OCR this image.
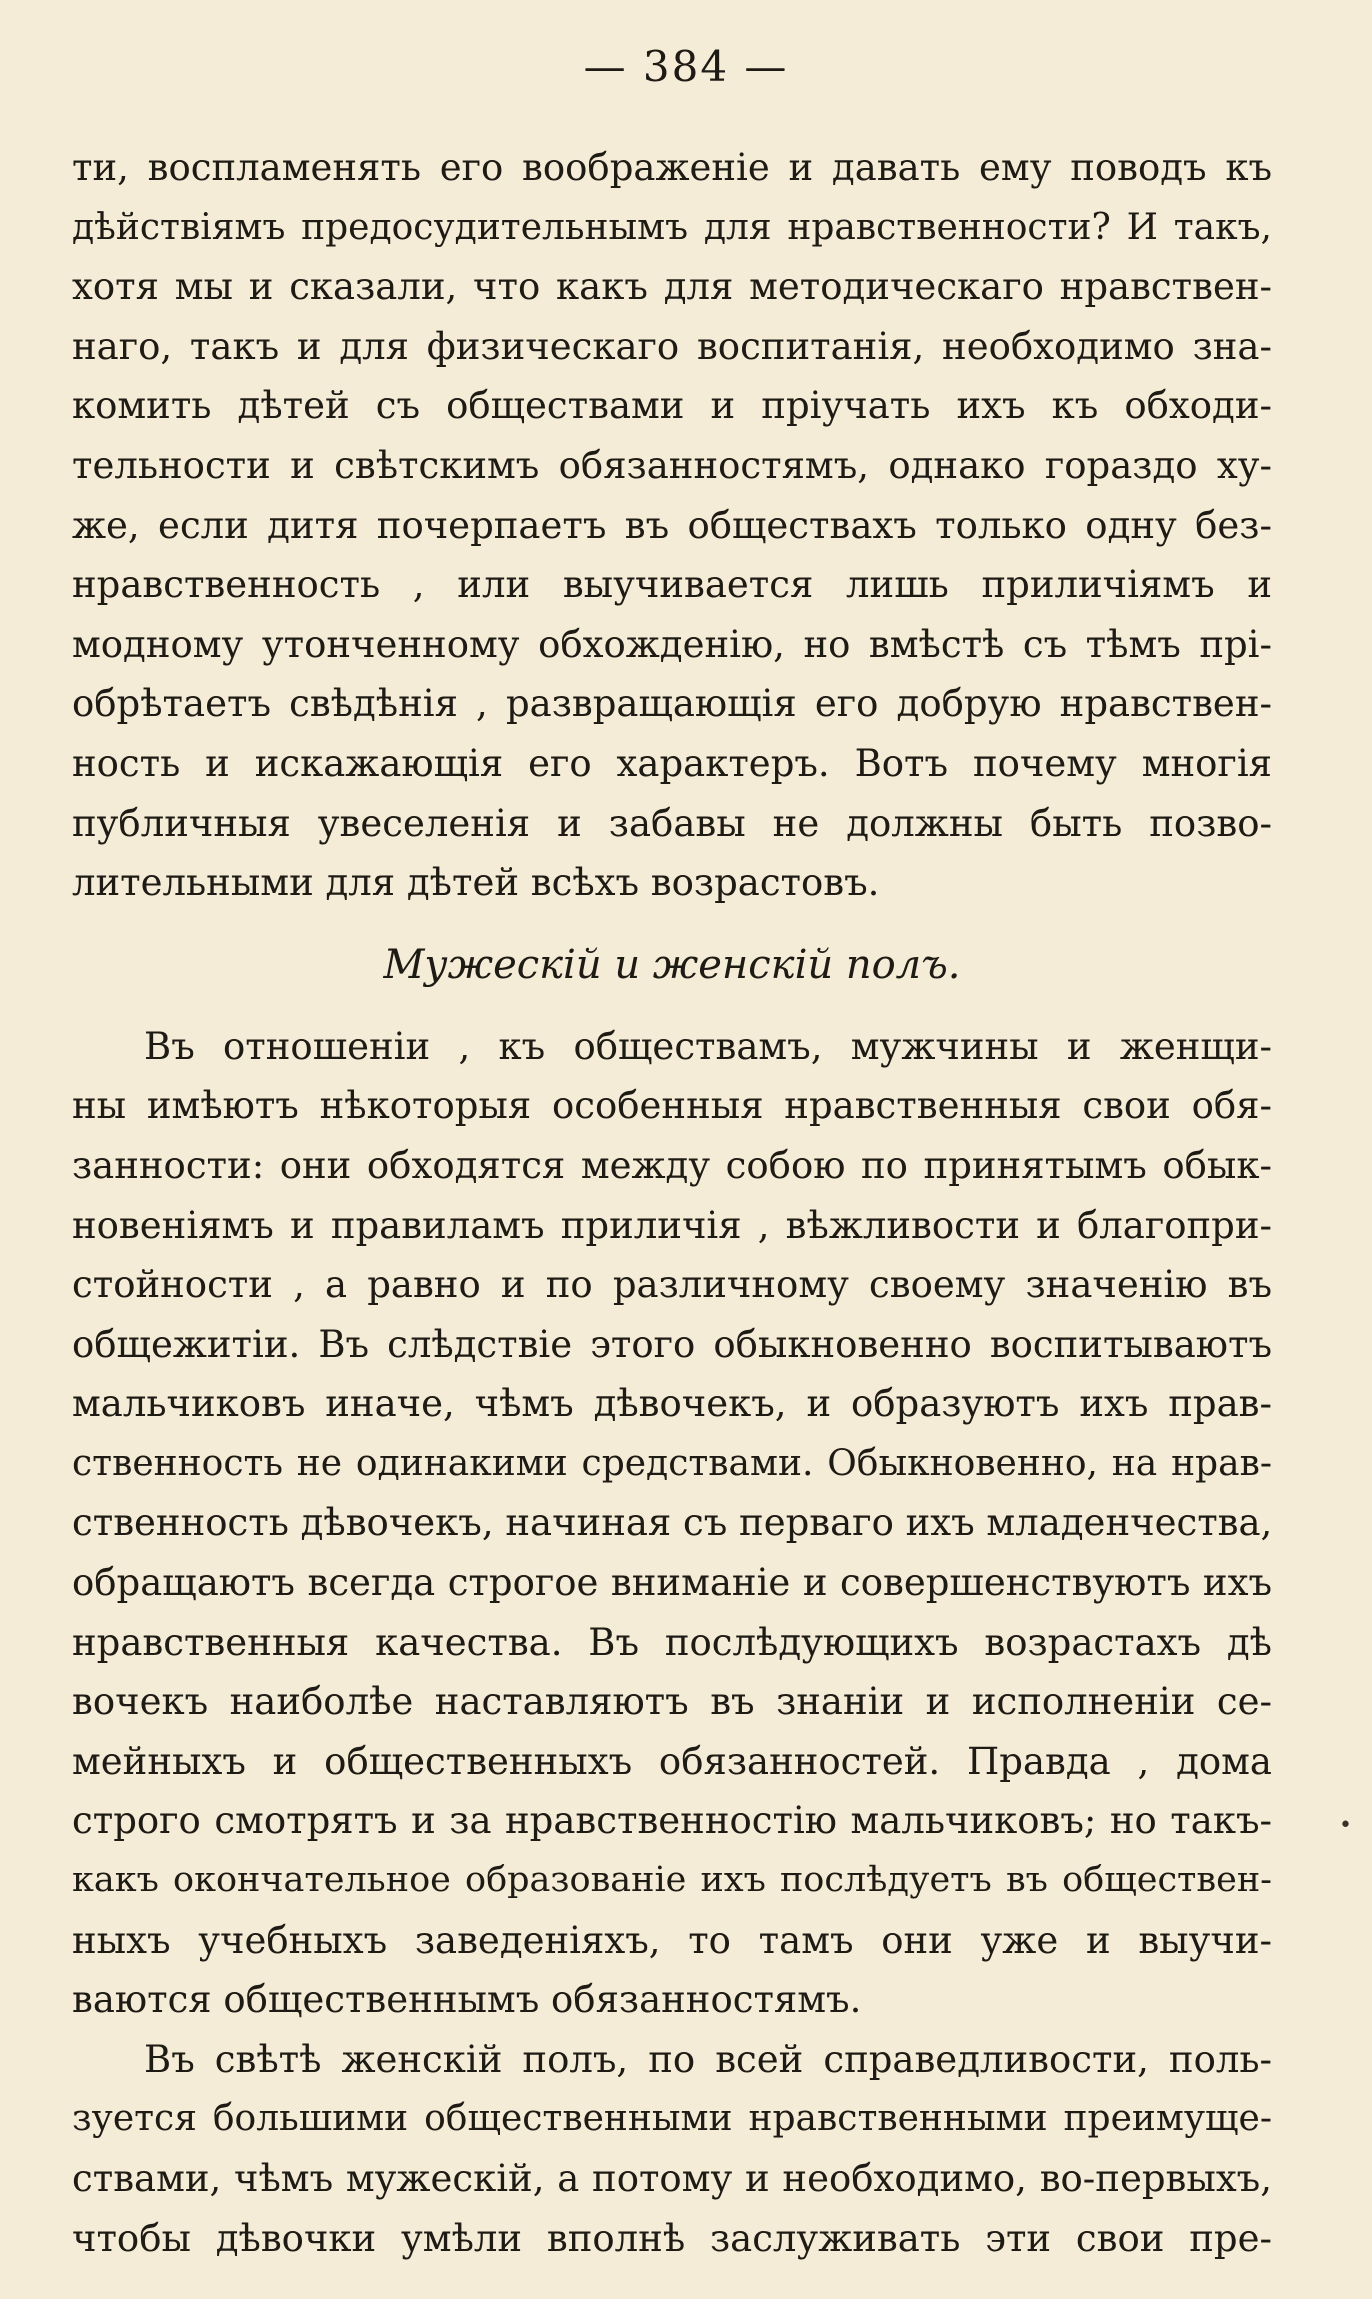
— 384 —
ти, воспламенять его воображеніе и давать ему поводъ къ
дѣйствіямъ предосудительнымъ для нравственности? И такъ,
хотя мы и сказали, что какъ для методическаго нравствен-
наго, такъ и для физическаго воспитанія, необходимо зна-
комить дѣтей съ обществами и пріучать ихъ къ обходи-
тельности и свѣтскимъ обязанностямъ, однако гораздо ху-
же, если дитя почерпаетъ въ обществахъ только одну без-
нравственность , или выучивается лишь приличіямъ и
модному утонченному обхожденію, но вмѣстѣ съ тѣмъ прі-
обрѣтаетъ свѣдѣнія , развращающія его добрую нравствен-
ность и искажающія его характеръ. Вотъ почему многія
публичныя увеселенія и забавы не должны быть позво-
лительными для дѣтей всѣхъ возрастовъ.
Мужескій и женскій полъ.
Въ отношеніи , къ обществамъ, мужчины и женщи-
ны имѣютъ нѣкоторыя особенныя нравственныя свои обя-
занности: они обходятся между собою по принятымъ обык-
новеніямъ и правиламъ приличія , вѣжливости и благопри-
стойности , а равно и по различному своему значенію въ
общежитіи. Въ слѣдствіе этого обыкновенно воспитываютъ
мальчиковъ иначе, чѣмъ дѣвочекъ, и образуютъ ихъ прав-
ственность не одинакими средствами. Обыкновенно, на нрав-
ственность дѣвочекъ, начиная съ перваго ихъ младенчества,
обращаютъ всегда строгое вниманіе и совершенствуютъ ихъ
нравственныя качества. Въ послѣдующихъ возрастахъ дѣ
вочекъ наиболѣе наставляютъ въ знаніи и исполненіи се-
мейныхъ и общественныхъ обязанностей. Правда , дома
строго смотрятъ и за нравственностію мальчиковъ; но такъ-
какъ окончательное образованіе ихъ послѣдуетъ въ обществен-
ныхъ учебныхъ заведеніяхъ, то тамъ они уже и выучи-
ваются общественнымъ обязанностямъ.
Въ свѣтѣ женскій полъ, по всей справедливости, поль-
зуется большими общественными нравственными преимуще-
ствами, чѣмъ мужескій, а потому и необходимо, во-первыхъ,
чтобы дѣвочки умѣли вполнѣ заслуживать эти свои пре-
•
